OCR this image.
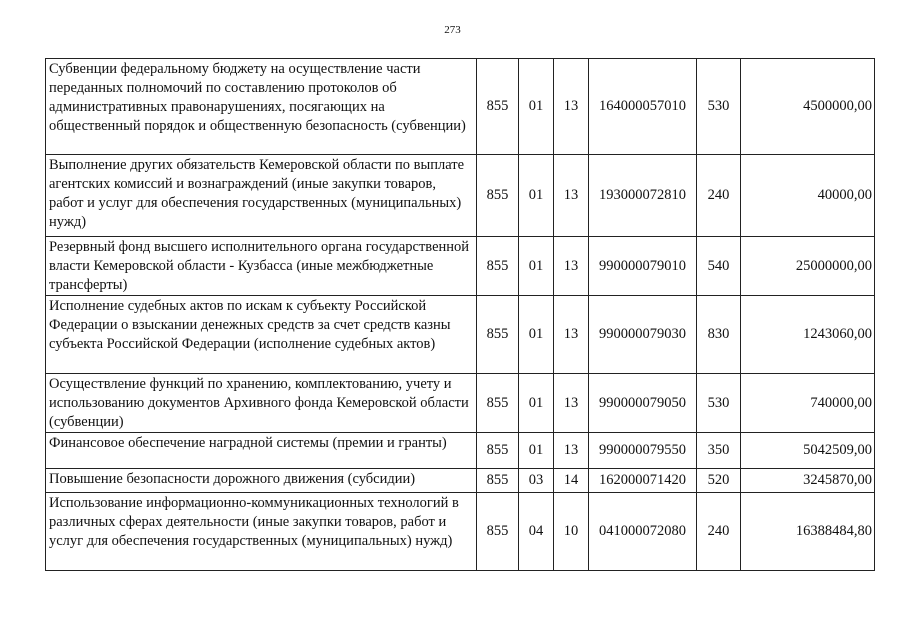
273
Субвенции федеральному бюджету на осуществление части переданных полномочий по составлению протоколов об административных правонарушениях, посягающих на общественный порядок и общественную безопасность (субвенции)	855	01	13	164000057010	530	4500000,00
Выполнение других обязательств Кемеровской области по выплате агентских комиссий и вознаграждений (иные закупки товаров, работ и услуг для обеспечения государственных (муниципальных) нужд)	855	01	13	193000072810	240	40000,00
Резервный фонд высшего исполнительного органа государственной власти Кемеровской области - Кузбасса (иные межбюджетные трансферты)	855	01	13	990000079010	540	25000000,00
Исполнение судебных актов по искам к субъекту Российской Федерации о взыскании денежных средств за счет средств казны субъекта Российской Федерации (исполнение судебных актов)	855	01	13	990000079030	830	1243060,00
Осуществление функций по хранению, комплектованию, учету и использованию документов Архивного фонда Кемеровской области (субвенции)	855	01	13	990000079050	530	740000,00
Финансовое обеспечение наградной системы (премии и гранты)	855	01	13	990000079550	350	5042509,00
Повышение безопасности дорожного движения (субсидии)	855	03	14	162000071420	520	3245870,00
Использование информационно-коммуникационных технологий в различных сферах деятельности (иные закупки товаров, работ и услуг для обеспечения государственных (муниципальных) нужд)	855	04	10	041000072080	240	16388484,80
